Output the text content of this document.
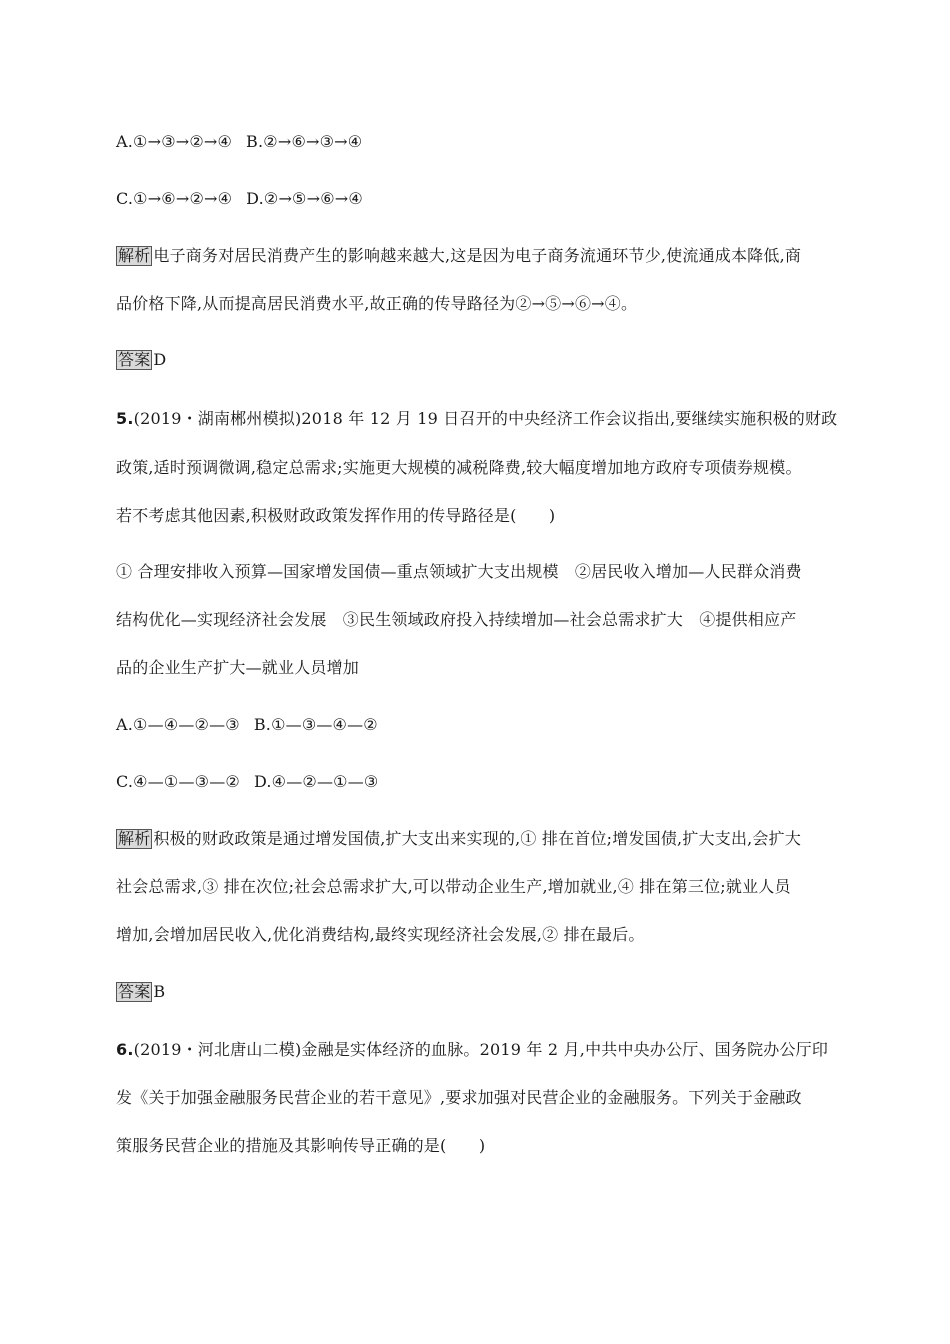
A.①→③→②→④ B.②→⑥→③→④
C.①→⑥→②→④ D.②→⑤→⑥→④
解析 电子商务对居民消费产生的影响越来越大,这是因为电子商务流通环节少,使流通成本降低,商
品价格下降,从而提高居民消费水平,故正确的传导路径为②→⑤→⑥→④。
答案 D
5.(2019・湖南郴州模拟)2018 年 12 月 19 日召开的中央经济工作会议指出,要继续实施积极的财政
政策,适时预调微调,稳定总需求;实施更大规模的减税降费,较大幅度增加地方政府专项债券规模。
若不考虑其他因素,积极财政政策发挥作用的传导路径是(　　)
① 合理安排收入预算—国家增发国债—重点领域扩大支出规模　②居民收入增加—人民群众消费
结构优化—实现经济社会发展　③民生领域政府投入持续增加—社会总需求扩大　④提供相应产
品的企业生产扩大—就业人员增加
A.①—④—②—③ B.①—③—④—②
C.④—①—③—② D.④—②—①—③
解析 积极的财政政策是通过增发国债,扩大支出来实现的,① 排在首位;增发国债,扩大支出,会扩大
社会总需求,③ 排在次位;社会总需求扩大,可以带动企业生产,增加就业,④ 排在第三位;就业人员
增加,会增加居民收入,优化消费结构,最终实现经济社会发展,② 排在最后。
答案 B
6.(2019・河北唐山二模)金融是实体经济的血脉。2019 年 2 月,中共中央办公厅、国务院办公厅印
发《关于加强金融服务民营企业的若干意见》,要求加强对民营企业的金融服务。下列关于金融政
策服务民营企业的措施及其影响传导正确的是(　　)
